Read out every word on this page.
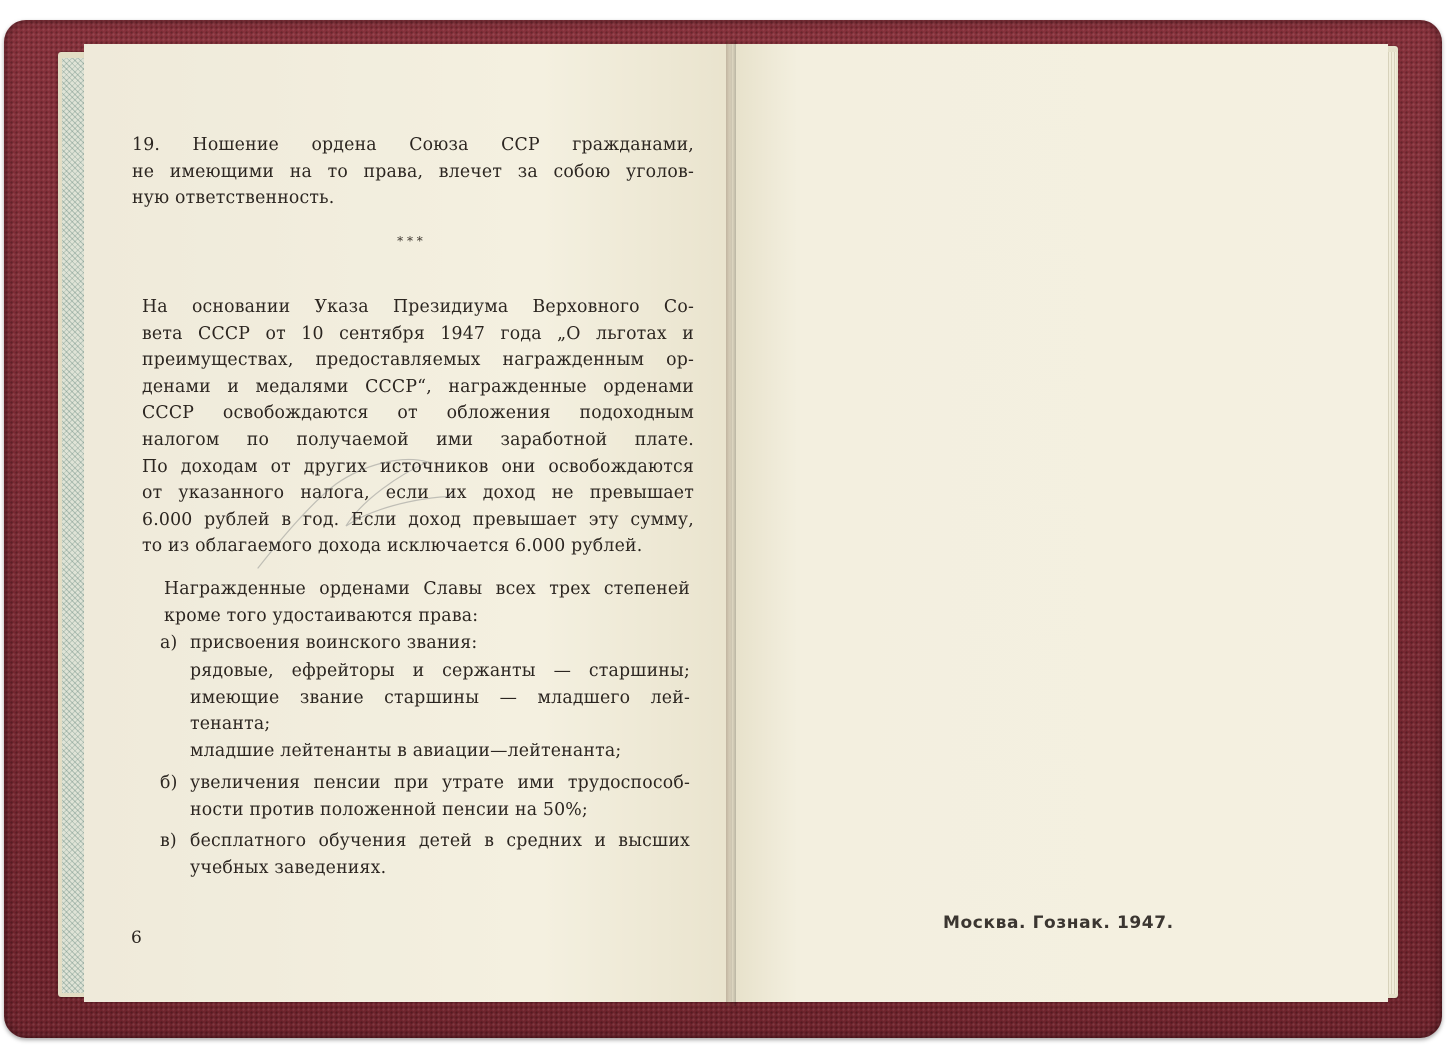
19. Ношение ордена Союза ССР гражданами,
не имеющими на то права, влечет за собою уголов-
ную ответственность.
* * *
На основании Указа Президиума Верховного Со-
вета СССР от 10 сентября 1947 года „О льготах и
преимуществах, предоставляемых награжденным ор-
денами и медалями СССР“, награжденные орденами
СССР освобождаются от обложения подоходным
налогом по получаемой ими заработной плате.
По доходам от других источников они освобождаются
от указанного налога, если их доход не превышает
6.000 рублей в год. Если доход превышает эту сумму,
то из облагаемого дохода исключается 6.000 рублей.
Награжденные орденами Славы всех трех степеней
кроме того удостаиваются права:
а) присвоения воинского звания:
рядовые, ефрейторы и сержанты — старшины;
имеющие звание старшины — младшего лей-
тенанта;
младшие лейтенанты в авиации—лейтенанта;
б) увеличения пенсии при утрате ими трудоспособ-
ности против положенной пенсии на 50%;
в) бесплатного обучения детей в средних и высших
учебных заведениях.
6
Москва. Гознак. 1947.
